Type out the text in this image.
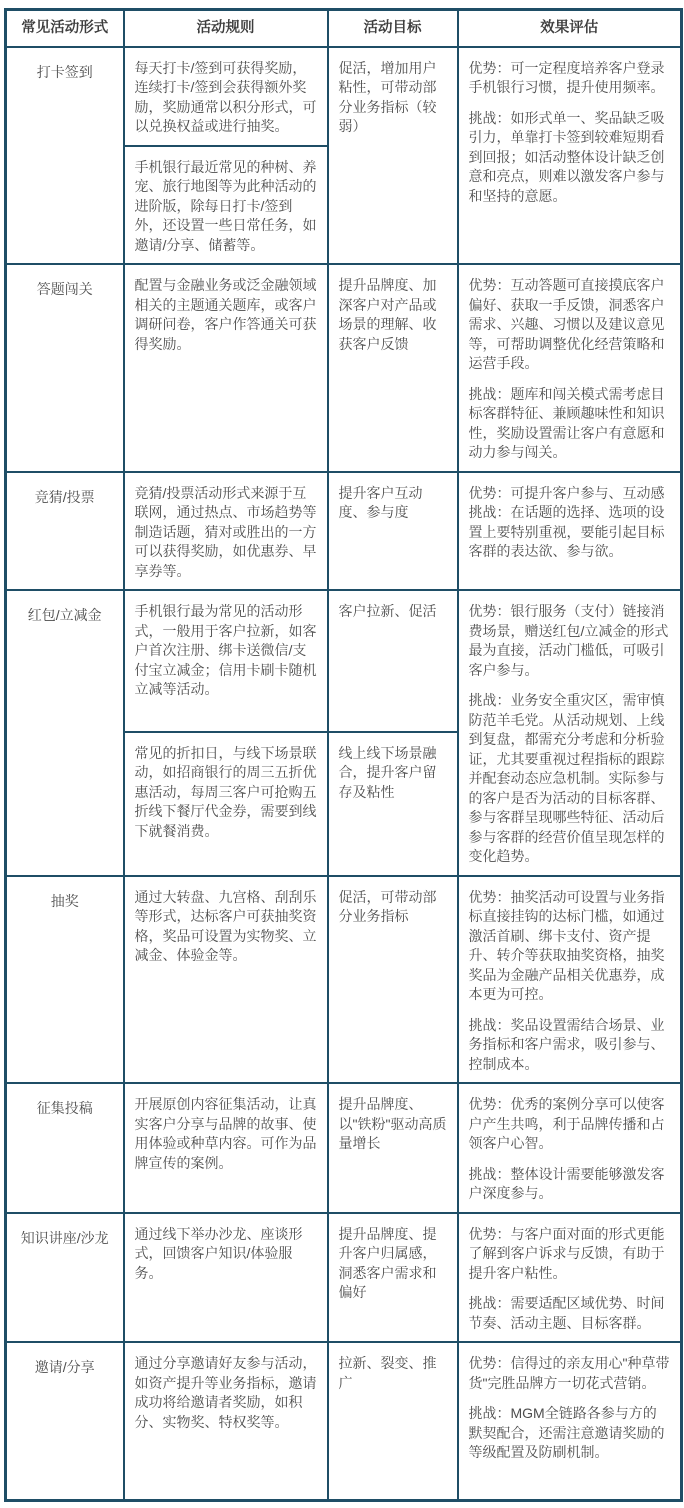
常见活动形式	活动规则	活动目标	效果评估
打卡签到	每天打卡/签到可获得奖励，连续打卡/签到会获得额外奖励，奖励通常以积分形式，可以兑换权益或进行抽奖。	促活，增加用户粘性，可带动部分业务指标（较弱）	优势：可一定程度培养客户登录手机银行习惯，提升使用频率。

挑战：如形式单一、奖品缺乏吸引力，单靠打卡签到较难短期看到回报；如活动整体设计缺乏创意和亮点，则难以激发客户参与和坚持的意愿。

	手机银行最近常见的种树、养宠、旅行地图等为此种活动的进阶版，除每日打卡/签到外，还设置一些日常任务，如邀请/分享、储蓄等。		
答题闯关	配置与金融业务或泛金融领域相关的主题通关题库，或客户调研问卷，客户作答通关可获得奖励。	提升品牌度、加深客户对产品或场景的理解、收获客户反馈	优势：互动答题可直接摸底客户偏好、获取一手反馈，洞悉客户需求、兴趣、习惯以及建议意见等，可帮助调整优化经营策略和运营手段。

挑战：题库和闯关模式需考虑目标客群特征、兼顾趣味性和知识性，奖励设置需让客户有意愿和动力参与闯关。

竞猜/投票	竞猜/投票活动形式来源于互联网，通过热点、市场趋势等制造话题，猜对或胜出的一方可以获得奖励，如优惠券、早享券等。	提升客户互动度、参与度	优势：可提升客户参与、互动感

挑战：在话题的选择、选项的设置上要特别重视，要能引起目标客群的表达欲、参与欲。

红包/立减金	手机银行最为常见的活动形式，一般用于客户拉新，如客户首次注册、绑卡送微信/支付宝立减金；信用卡刷卡随机立减等活动。	客户拉新、促活	优势：银行服务（支付）链接消费场景，赠送红包/立减金的形式最为直接，活动门槛低，可吸引客户参与。

挑战：业务安全重灾区，需审慎防范羊毛党。从活动规划、上线到复盘，都需充分考虑和分析验证，尤其要重视过程指标的跟踪并配套动态应急机制。实际参与的客户是否为活动的目标客群、参与客群呈现哪些特征、活动后参与客群的经营价值呈现怎样的变化趋势。

	常见的折扣日，与线下场景联动，如招商银行的周三五折优惠活动，每周三客户可抢购五折线下餐厅代金券，需要到线下就餐消费。	线上线下场景融合，提升客户留存及粘性	
抽奖	通过大转盘、九宫格、刮刮乐等形式，达标客户可获抽奖资格，奖品可设置为实物奖、立减金、体验金等。	促活，可带动部分业务指标	优势：抽奖活动可设置与业务指标直接挂钩的达标门槛，如通过激活首刷、绑卡支付、资产提升、转介等获取抽奖资格，抽奖奖品为金融产品相关优惠券，成本更为可控。

挑战：奖品设置需结合场景、业务指标和客户需求，吸引参与、控制成本。

征集投稿	开展原创内容征集活动，让真实客户分享与品牌的故事、使用体验或种草内容。可作为品牌宣传的案例。	提升品牌度、以"铁粉"驱动高质量增长	优势：优秀的案例分享可以使客户产生共鸣，利于品牌传播和占领客户心智。

挑战：整体设计需要能够激发客户深度参与。

知识讲座/沙龙	通过线下举办沙龙、座谈形式，回馈客户知识/体验服务。	提升品牌度、提升客户归属感，洞悉客户需求和偏好	优势：与客户面对面的形式更能了解到客户诉求与反馈，有助于提升客户粘性。

挑战：需要适配区域优势、时间节奏、活动主题、目标客群。

邀请/分享	通过分享邀请好友参与活动，如资产提升等业务指标，邀请成功将给邀请者奖励，如积分、实物奖、特权奖等。	拉新、裂变、推广	优势：信得过的亲友用心"种草带货"完胜品牌方一切花式营销。

挑战：MGM全链路各参与方的默契配合，还需注意邀请奖励的等级配置及防刷机制。
